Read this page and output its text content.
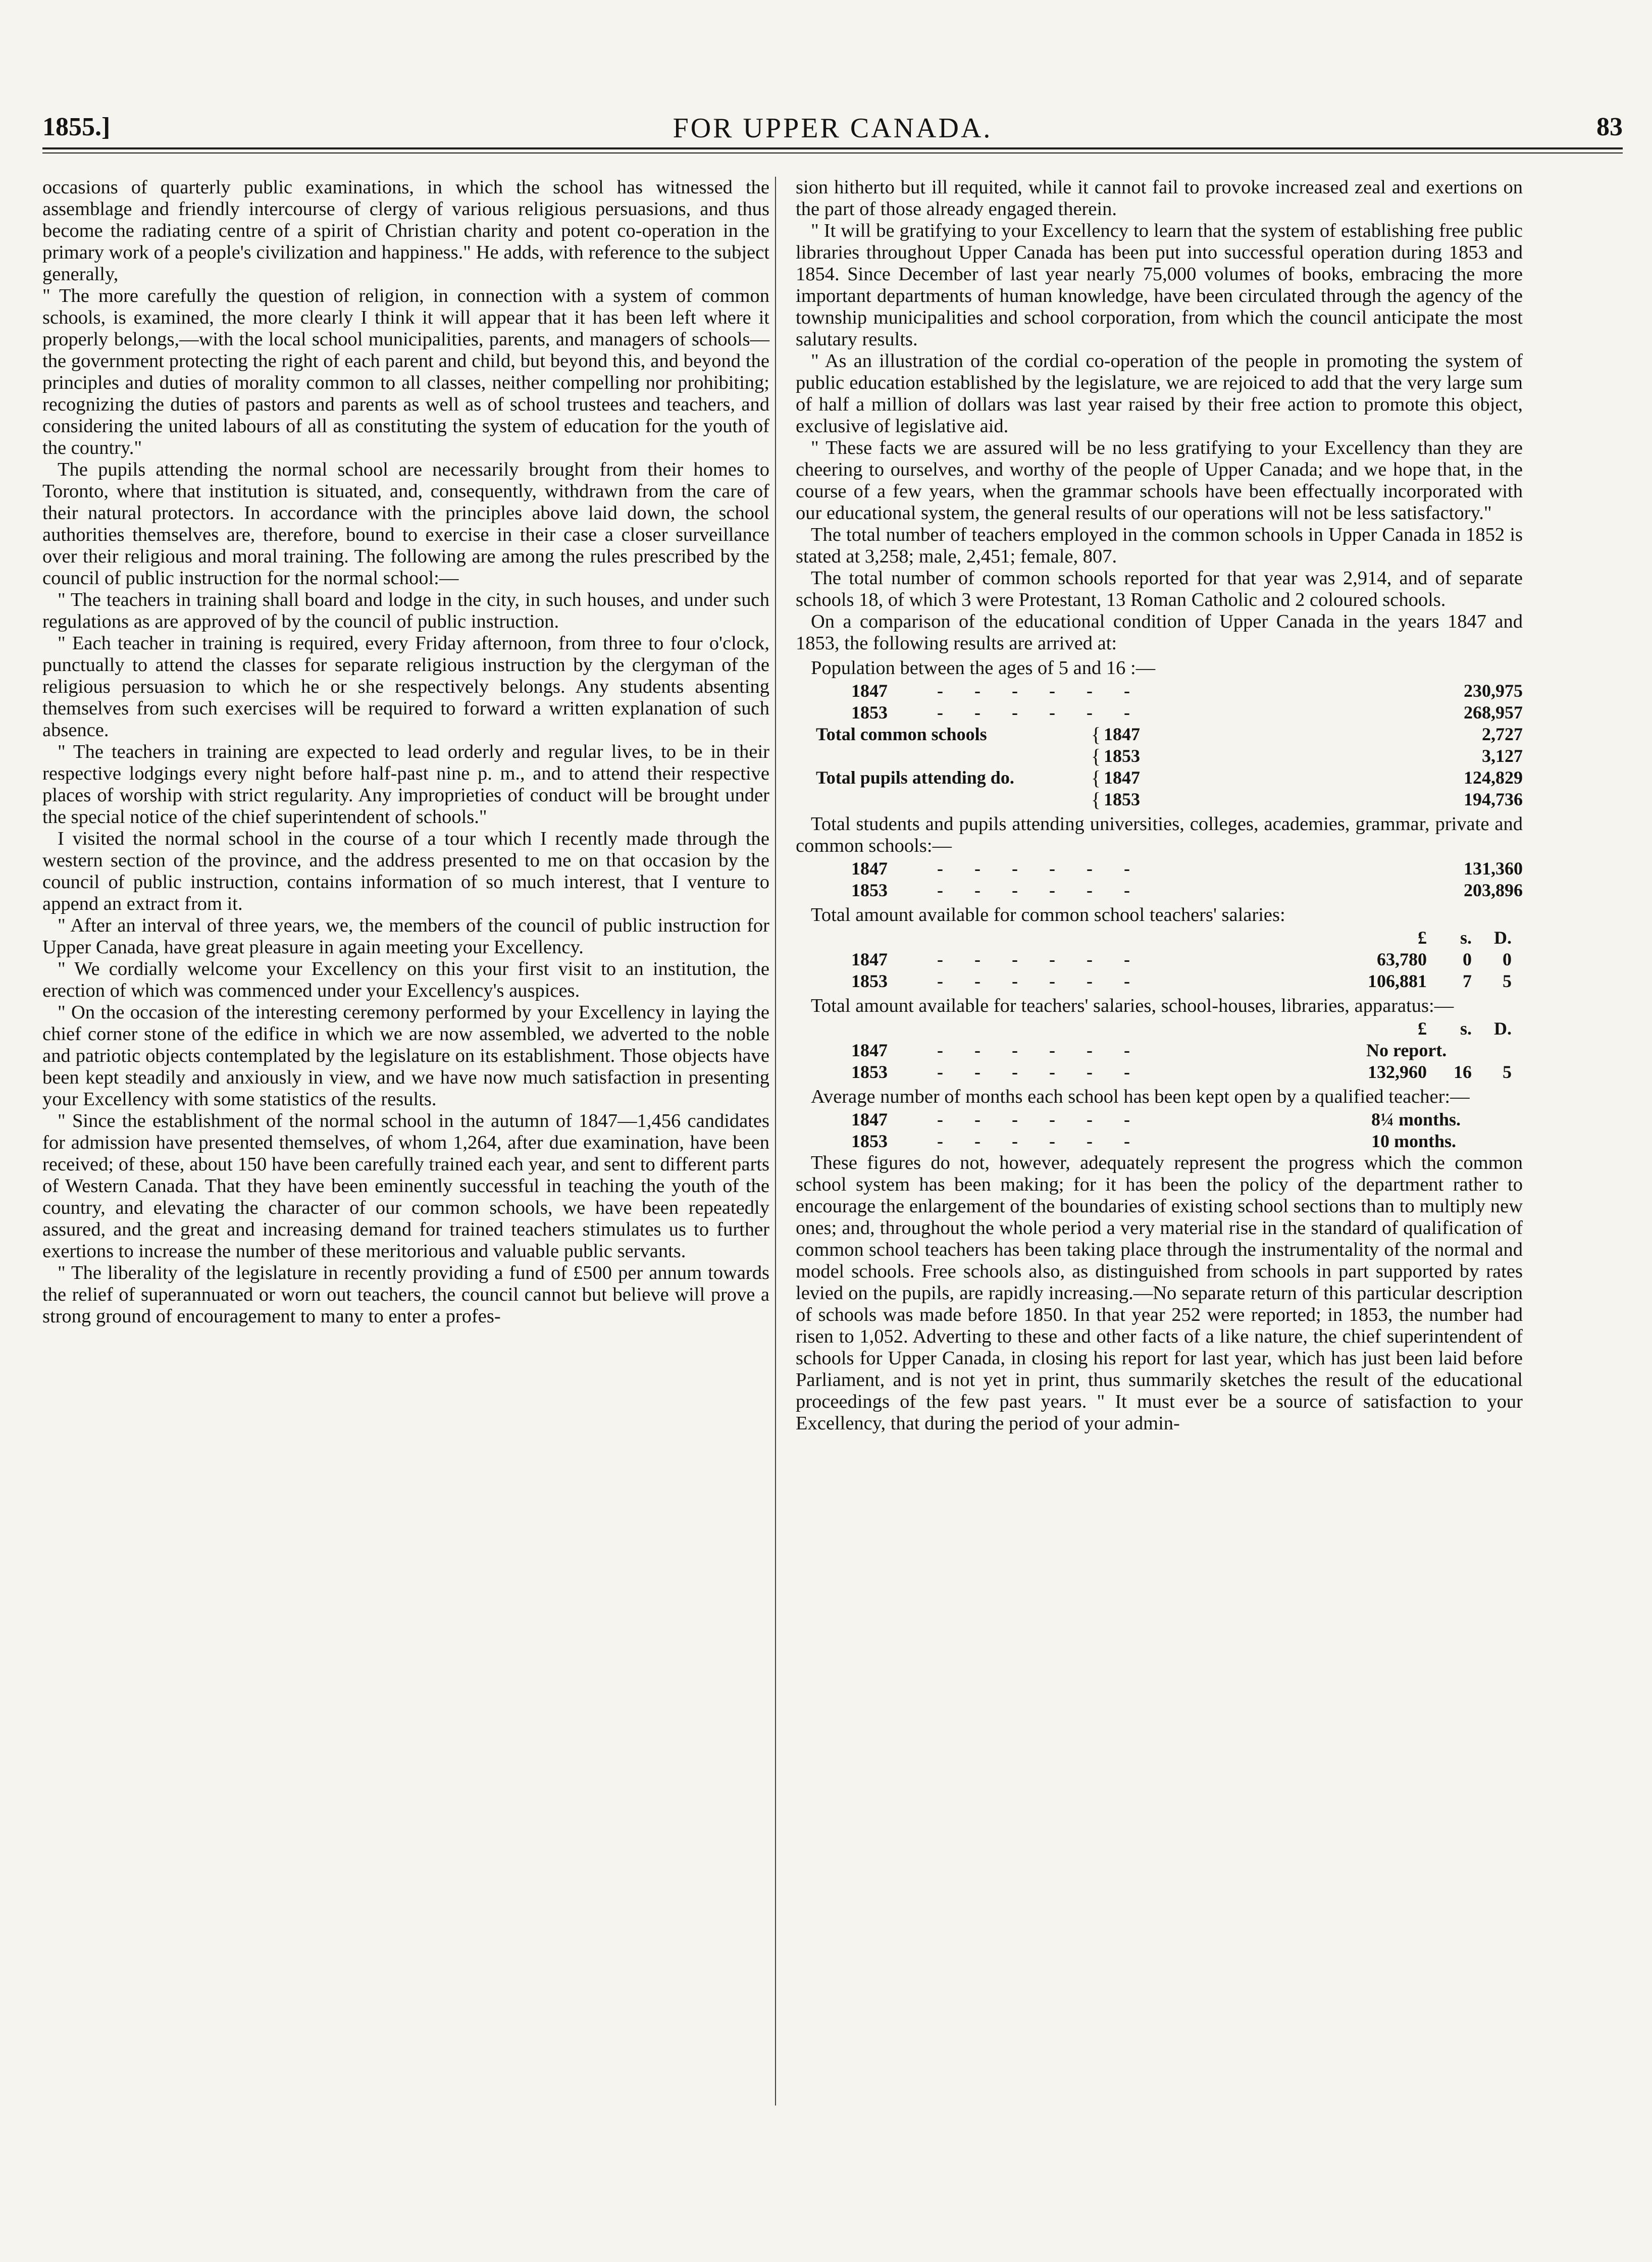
1855.]	FOR UPPER CANADA.	83

occasions of quarterly public examinations, in which the school has witnessed the assemblage and friendly intercourse of clergy of various religious persuasions, and thus become the radiating centre of a spirit of Christian charity and potent co-operation in the primary work of a people's civilization and happiness." He adds, with reference to the subject generally,

" The more carefully the question of religion, in connection with a system of common schools, is examined, the more clearly I think it will appear that it has been left where it properly belongs,—with the local school municipalities, parents, and managers of schools—the government protecting the right of each parent and child, but beyond this, and beyond the principles and duties of morality common to all classes, neither compelling nor prohibiting; recognizing the duties of pastors and parents as well as of school trustees and teachers, and considering the united labours of all as constituting the system of education for the youth of the country."

The pupils attending the normal school are necessarily brought from their homes to Toronto, where that institution is situated, and, consequently, withdrawn from the care of their natural protectors. In accordance with the principles above laid down, the school authorities themselves are, therefore, bound to exercise in their case a closer surveillance over their religious and moral training. The following are among the rules prescribed by the council of public instruction for the normal school:—

" The teachers in training shall board and lodge in the city, in such houses, and under such regulations as are approved of by the council of public instruction.

" Each teacher in training is required, every Friday afternoon, from three to four o'clock, punctually to attend the classes for separate religious instruction by the clergyman of the religious persuasion to which he or she respectively belongs. Any students absenting themselves from such exercises will be required to forward a written explanation of such absence.

" The teachers in training are expected to lead orderly and regular lives, to be in their respective lodgings every night before half-past nine p. m., and to attend their respective places of worship with strict regularity. Any improprieties of conduct will be brought under the special notice of the chief superintendent of schools."

I visited the normal school in the course of a tour which I recently made through the western section of the province, and the address presented to me on that occasion by the council of public instruction, contains information of so much interest, that I venture to append an extract from it.

" After an interval of three years, we, the members of the council of public instruction for Upper Canada, have great pleasure in again meeting your Excellency.

" We cordially welcome your Excellency on this your first visit to an institution, the erection of which was commenced under your Excellency's auspices.

" On the occasion of the interesting ceremony performed by your Excellency in laying the chief corner stone of the edifice in which we are now assembled, we adverted to the noble and patriotic objects contemplated by the legislature on its establishment. Those objects have been kept steadily and anxiously in view, and we have now much satisfaction in presenting your Excellency with some statistics of the results.

" Since the establishment of the normal school in the autumn of 1847—1,456 candidates for admission have presented themselves, of whom 1,264, after due examination, have been received; of these, about 150 have been carefully trained each year, and sent to different parts of Western Canada. That they have been eminently successful in teaching the youth of the country, and elevating the character of our common schools, we have been repeatedly assured, and the great and increasing demand for trained teachers stimulates us to further exertions to increase the number of these meritorious and valuable public servants.

" The liberality of the legislature in recently providing a fund of £500 per annum towards the relief of superannuated or worn out teachers, the council cannot but believe will prove a strong ground of encouragement to many to enter a profes-

sion hitherto but ill requited, while it cannot fail to provoke increased zeal and exertions on the part of those already engaged therein.

" It will be gratifying to your Excellency to learn that the system of establishing free public libraries throughout Upper Canada has been put into successful operation during 1853 and 1854. Since December of last year nearly 75,000 volumes of books, embracing the more important departments of human knowledge, have been circulated through the agency of the township municipalities and school corporation, from which the council anticipate the most salutary results.

" As an illustration of the cordial co-operation of the people in promoting the system of public education established by the legislature, we are rejoiced to add that the very large sum of half a million of dollars was last year raised by their free action to promote this object, exclusive of legislative aid.

" These facts we are assured will be no less gratifying to your Excellency than they are cheering to ourselves, and worthy of the people of Upper Canada; and we hope that, in the course of a few years, when the grammar schools have been effectually incorporated with our educational system, the general results of our operations will not be less satisfactory."

The total number of teachers employed in the common schools in Upper Canada in 1852 is stated at 3,258; male, 2,451; female, 807.

The total number of common schools reported for that year was 2,914, and of separate schools 18, of which 3 were Protestant, 13 Roman Catholic and 2 coloured schools.

On a comparison of the educational condition of Upper Canada in the years 1847 and 1853, the following results are arrived at:

Population between the ages of 5 and 16 :—

1847	------	230,975
1853	------	268,957
Total common schools	{ 1847	2,727
{ 1853	3,127
Total pupils attending do.	{ 1847	124,829
{ 1853	194,736

Total students and pupils attending universities, colleges, academies, grammar, private and common schools:—

1847	------	131,360
1853	------	203,896

Total amount available for common school teachers' salaries:

£ s. D.
1847	------	63,780 0 0
1853	------	106,881 7 5

Total amount available for teachers' salaries, school-houses, libraries, apparatus:—

£ s. D.
1847	------	No report.
1853	------	132,960 16 5

Average number of months each school has been kept open by a qualified teacher:—

1847	------	8¼ months.
1853	------	10 months.

These figures do not, however, adequately represent the progress which the common school system has been making; for it has been the policy of the department rather to encourage the enlargement of the boundaries of existing school sections than to multiply new ones; and, throughout the whole period a very material rise in the standard of qualification of common school teachers has been taking place through the instrumentality of the normal and model schools. Free schools also, as distinguished from schools in part supported by rates levied on the pupils, are rapidly increasing.—No separate return of this particular description of schools was made before 1850. In that year 252 were reported; in 1853, the number had risen to 1,052. Adverting to these and other facts of a like nature, the chief superintendent of schools for Upper Canada, in closing his report for last year, which has just been laid before Parliament, and is not yet in print, thus summarily sketches the result of the educational proceedings of the few past years. " It must ever be a source of satisfaction to your Excellency, that during the period of your admin-
